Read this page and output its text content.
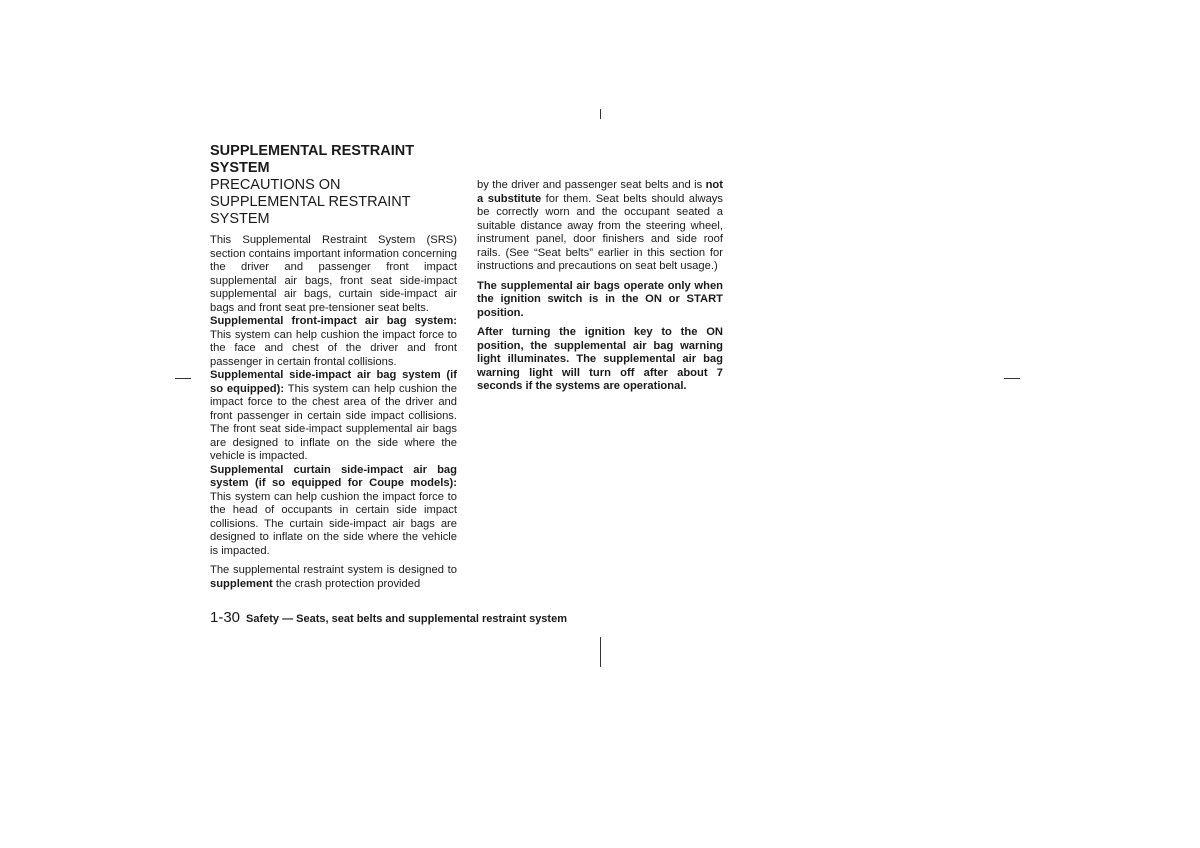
SUPPLEMENTAL RESTRAINT SYSTEM
PRECAUTIONS ON SUPPLEMENTAL RESTRAINT SYSTEM

This Supplemental Restraint System (SRS) section contains important information concerning the driver and passenger front impact supplemental air bags, front seat side-impact supplemental air bags, curtain side-impact air bags and front seat pre-tensioner seat belts.

Supplemental front-impact air bag system: This system can help cushion the impact force to the face and chest of the driver and front passenger in certain frontal collisions.

Supplemental side-impact air bag system (if so equipped): This system can help cushion the impact force to the chest area of the driver and front passenger in certain side impact collisions. The front seat side-impact supplemental air bags are designed to inflate on the side where the vehicle is impacted.

Supplemental curtain side-impact air bag system (if so equipped for Coupe models): This system can help cushion the impact force to the head of occupants in certain side impact collisions. The curtain side-impact air bags are designed to inflate on the side where the vehicle is impacted.

The supplemental restraint system is designed to supplement the crash protection provided

by the driver and passenger seat belts and is not a substitute for them. Seat belts should always be correctly worn and the occupant seated a suitable distance away from the steering wheel, instrument panel, door finishers and side roof rails. (See “Seat belts” earlier in this section for instructions and precautions on seat belt usage.)

The supplemental air bags operate only when the ignition switch is in the ON or START position.

After turning the ignition key to the ON position, the supplemental air bag warning light illuminates. The supplemental air bag warning light will turn off after about 7 seconds if the systems are operational.

1-30 Safety — Seats, seat belts and supplemental restraint system
